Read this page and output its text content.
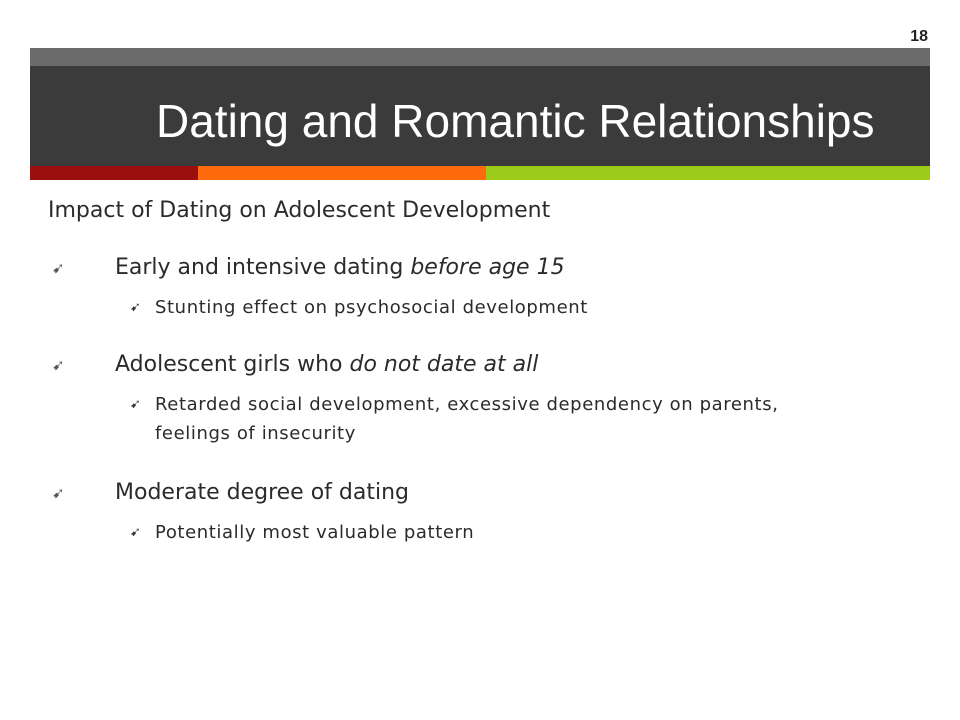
18
Dating and Romantic Relationships
Impact of Dating on Adolescent Development
➹ Early and intensive dating before age 15
➹ Stunting effect on psychosocial development
➹ Adolescent girls who do not date at all
➹ Retarded social development, excessive dependency on parents, feelings of insecurity
➹ Moderate degree of dating
➹ Potentially most valuable pattern
